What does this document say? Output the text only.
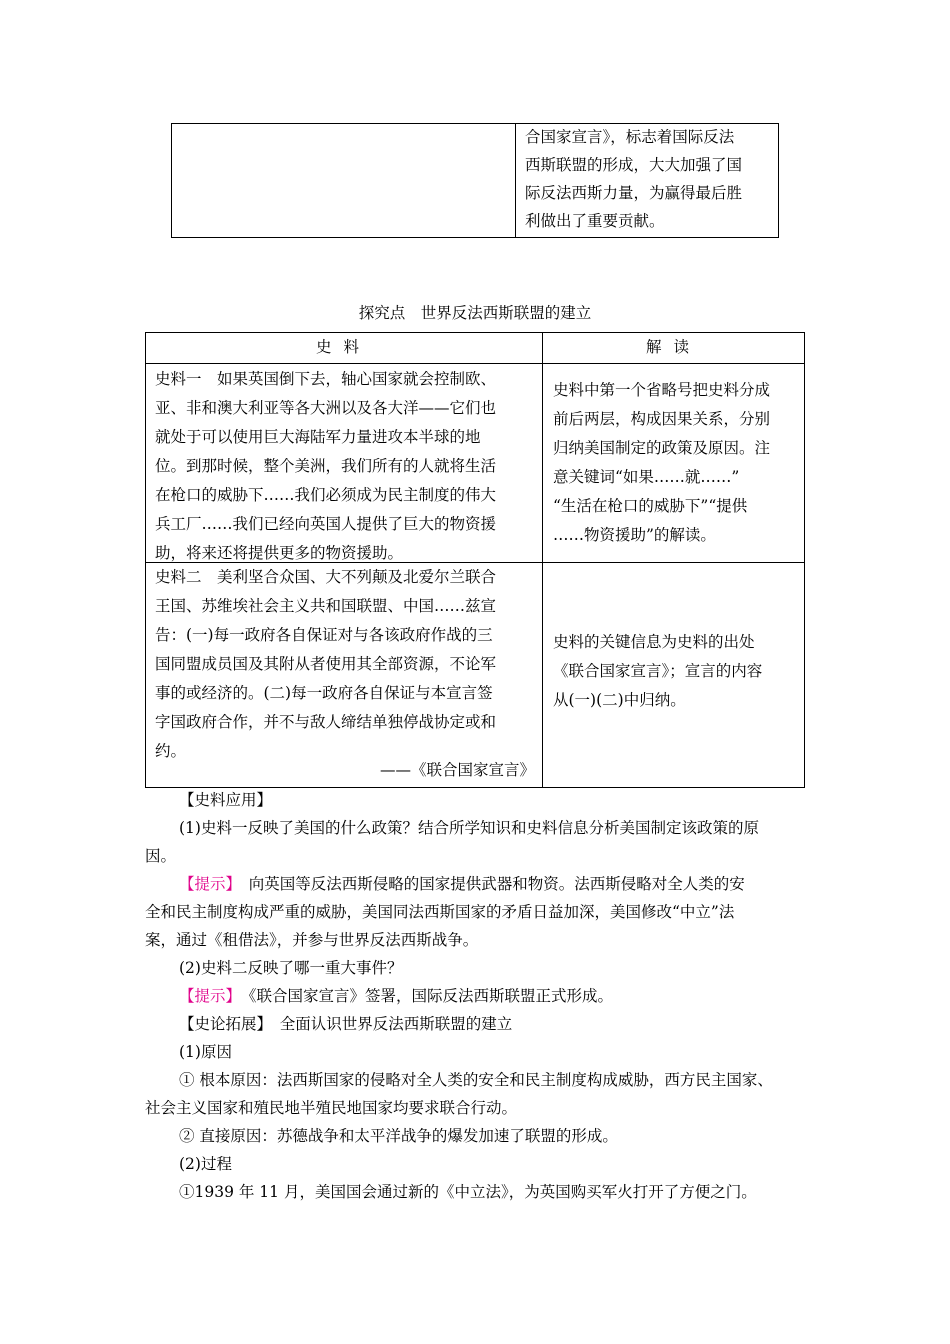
合国家宣言》，标志着国际反法
西斯联盟的形成，大大加强了国
际反法西斯力量，为赢得最后胜
利做出了重要贡献。
探究点　世界反法西斯联盟的建立
史料	解读
史料一　如果英国倒下去，轴心国家就会控制欧、
亚、非和澳大利亚等各大洲以及各大洋——它们也
就处于可以使用巨大海陆军力量进攻本半球的地
位。到那时候，整个美洲，我们所有的人就将生活
在枪口的威胁下……我们必须成为民主制度的伟大
兵工厂……我们已经向英国人提供了巨大的物资援
助，将来还将提供更多的物资援助。
史料中第一个省略号把史料分成
前后两层，构成因果关系，分别
归纳美国制定的政策及原因。注
意关键词“如果……就……”
“生活在枪口的威胁下”“提供
……物资援助”的解读。
史料二　美利坚合众国、大不列颠及北爱尔兰联合
王国、苏维埃社会主义共和国联盟、中国……兹宣
告：(一)每一政府各自保证对与各该政府作战的三
国同盟成员国及其附从者使用其全部资源，不论军
事的或经济的。(二)每一政府各自保证与本宣言签
字国政府合作，并不与敌人缔结单独停战协定或和
约。
——《联合国家宣言》
史料的关键信息为史料的出处
《联合国家宣言》；宣言的内容
从(一)(二)中归纳。
【史料应用】
(1)史料一反映了美国的什么政策？结合所学知识和史料信息分析美国制定该政策的原
因。
【提示】　向英国等反法西斯侵略的国家提供武器和物资。法西斯侵略对全人类的安
全和民主制度构成严重的威胁，美国同法西斯国家的矛盾日益加深，美国修改“中立”法
案，通过《租借法》，并参与世界反法西斯战争。
(2)史料二反映了哪一重大事件？
【提示】　《联合国家宣言》签署，国际反法西斯联盟正式形成。
【史论拓展】　全面认识世界反法西斯联盟的建立
(1)原因
① 根本原因：法西斯国家的侵略对全人类的安全和民主制度构成威胁，西方民主国家、
社会主义国家和殖民地半殖民地国家均要求联合行动。
② 直接原因：苏德战争和太平洋战争的爆发加速了联盟的形成。
(2)过程
①1939 年 11 月，美国国会通过新的《中立法》，为英国购买军火打开了方便之门。
